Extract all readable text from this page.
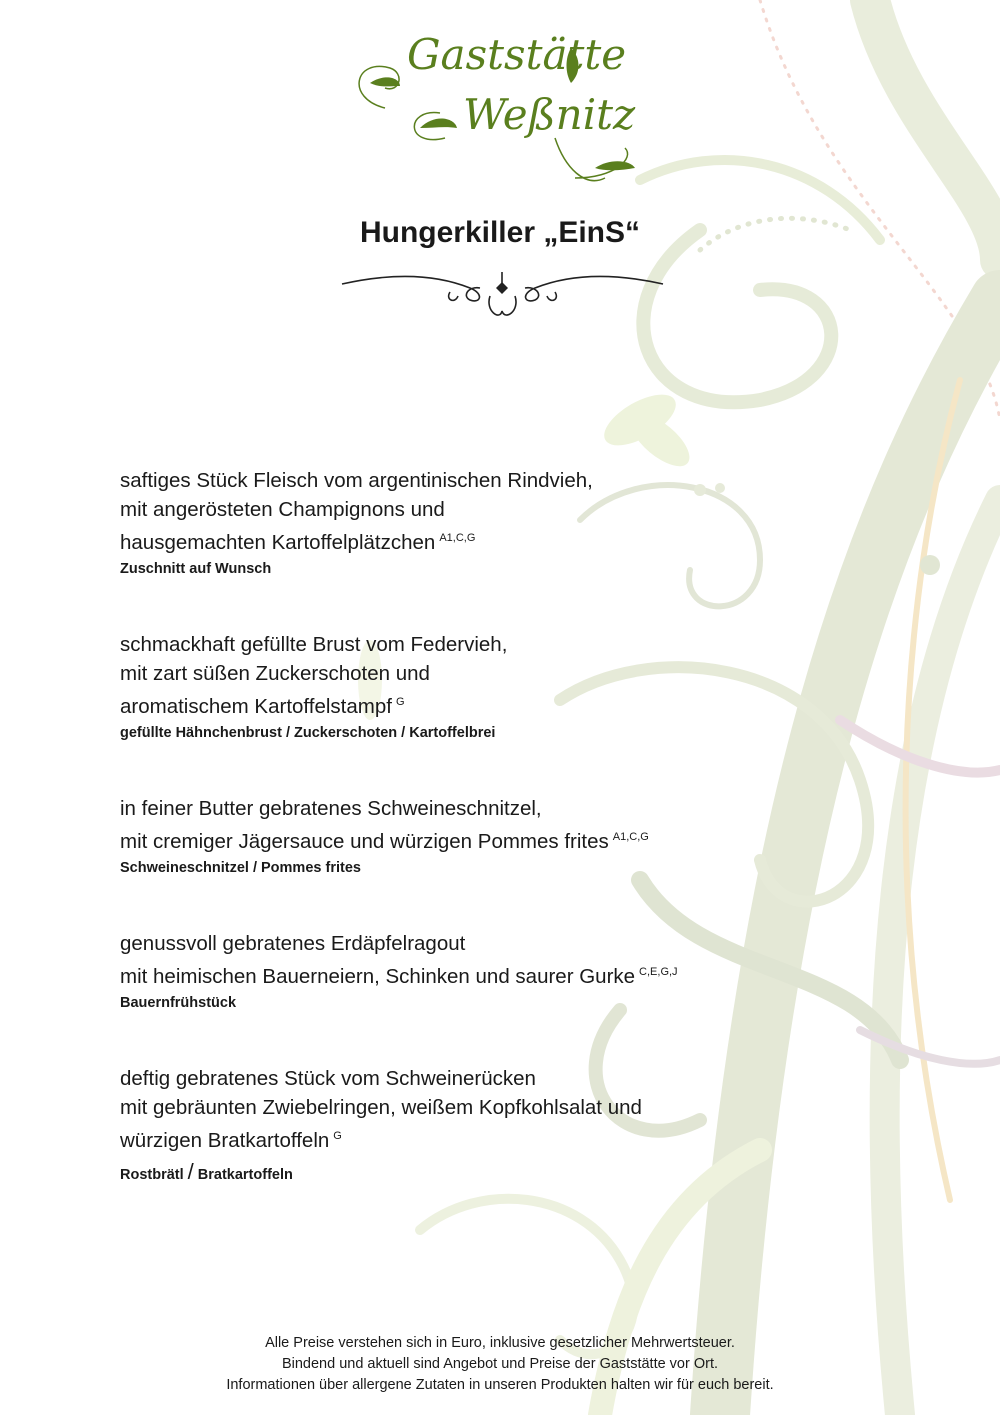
Gaststätte
Weßnitz
Hungerkiller „EinS“
saftiges Stück Fleisch vom argentinischen Rindvieh,
mit angerösteten Champignons und
hausgemachten Kartoffelplätzchen $^{A1,C,G}$
Zuschnitt auf Wunsch
schmackhaft gefüllte Brust vom Federvieh,
mit zart süßen Zuckerschoten und
aromatischem Kartoffelstampf $^G$
gefüllte Hähnchenbrust / Zuckerschoten / Kartoffelbrei
in feiner Butter gebratenes Schweineschnitzel,
mit cremiger Jägersauce und würzigen Pommes frites $^{A1,C,G}$
Schweineschnitzel / Pommes frites
genussvoll gebratenes Erdäpfelragout
mit heimischen Bauerneiern, Schinken und saurer Gurke $^{C,E,G,J}$
Bauernfrühstück
deftig gebratenes Stück vom Schweinerücken
mit gebräunten Zwiebelringen, weißem Kopfkohlsalat und
würzigen Bratkartoffeln $^G$
Rostbrätl / Bratkartoffeln
Alle Preise verstehen sich in Euro, inklusive gesetzlicher Mehrwertsteuer.
Bindend und aktuell sind Angebot und Preise der Gaststätte vor Ort.
Informationen über allergene Zutaten in unseren Produkten halten wir für euch bereit.
